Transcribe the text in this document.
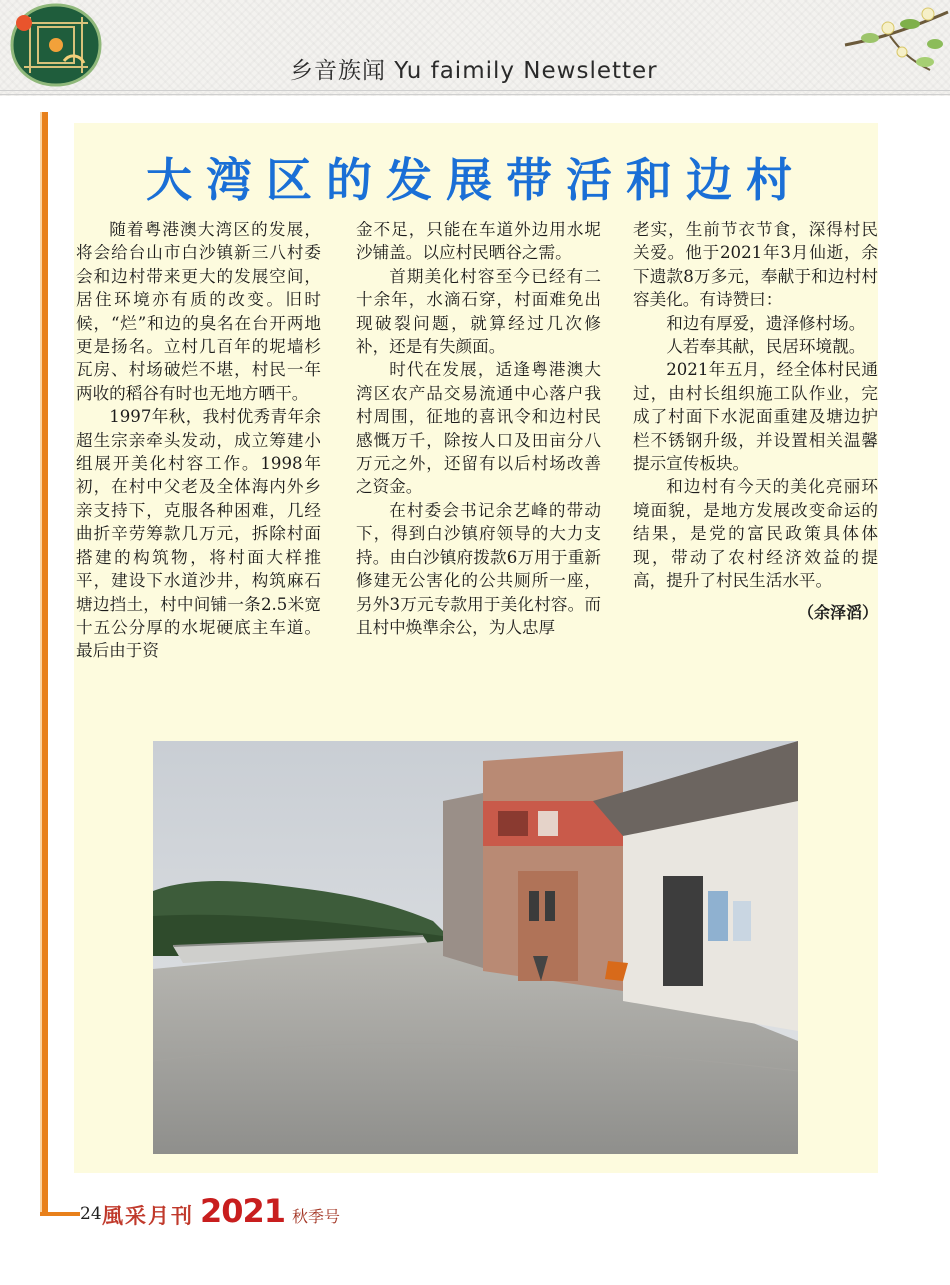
乡音族闻 Yu faimily Newsletter
大湾区的发展带活和边村

随着粤港澳大湾区的发展，将会给台山市白沙镇新三八村委会和边村带来更大的发展空间，居住环境亦有质的改变。旧时候，“烂”和边的臭名在台开两地更是扬名。立村几百年的坭墙杉瓦房、村场破烂不堪，村民一年两收的稻谷有时也无地方晒干。

1997年秋，我村优秀青年余超生宗亲牵头发动，成立筹建小组展开美化村容工作。1998年初，在村中父老及全体海内外乡亲支持下，克服各种困难，几经曲折辛劳筹款几万元，拆除村面搭建的构筑物，将村面大样推平，建设下水道沙井，构筑麻石塘边挡土，村中间铺一条2.5米宽十五公分厚的水坭硬底主车道。最后由于资

金不足，只能在车道外边用水坭沙铺盖。以应村民晒谷之需。

首期美化村容至今已经有二十余年，水滴石穿，村面难免出现破裂问题，就算经过几次修补，还是有失颜面。

时代在发展，适逢粤港澳大湾区农产品交易流通中心落户我村周围，征地的喜讯令和边村民感慨万千，除按人口及田亩分八万元之外，还留有以后村场改善之资金。

在村委会书记余艺峰的带动下，得到白沙镇府领导的大力支持。由白沙镇府拨款6万用于重新修建无公害化的公共厕所一座，另外3万元专款用于美化村容。而且村中焕準余公，为人忠厚

老实，生前节衣节食，深得村民关爱。他于2021年3月仙逝，余下遗款8万多元，奉献于和边村村容美化。有诗赞曰：

和边有厚爱，遗泽修村场。

人若奉其献，民居环境靓。

2021年五月，经全体村民通过，由村长组织施工队作业，完成了村面下水泥面重建及塘边护栏不锈钢升级，并设置相关温馨提示宣传板块。

和边村有今天的美化亮丽环境面貌，是地方发展改变命运的结果，是党的富民政策具体体现，带动了农村经济效益的提高，提升了村民生活水平。

（余泽滔）

24 風采月刊 2021 秋季号
